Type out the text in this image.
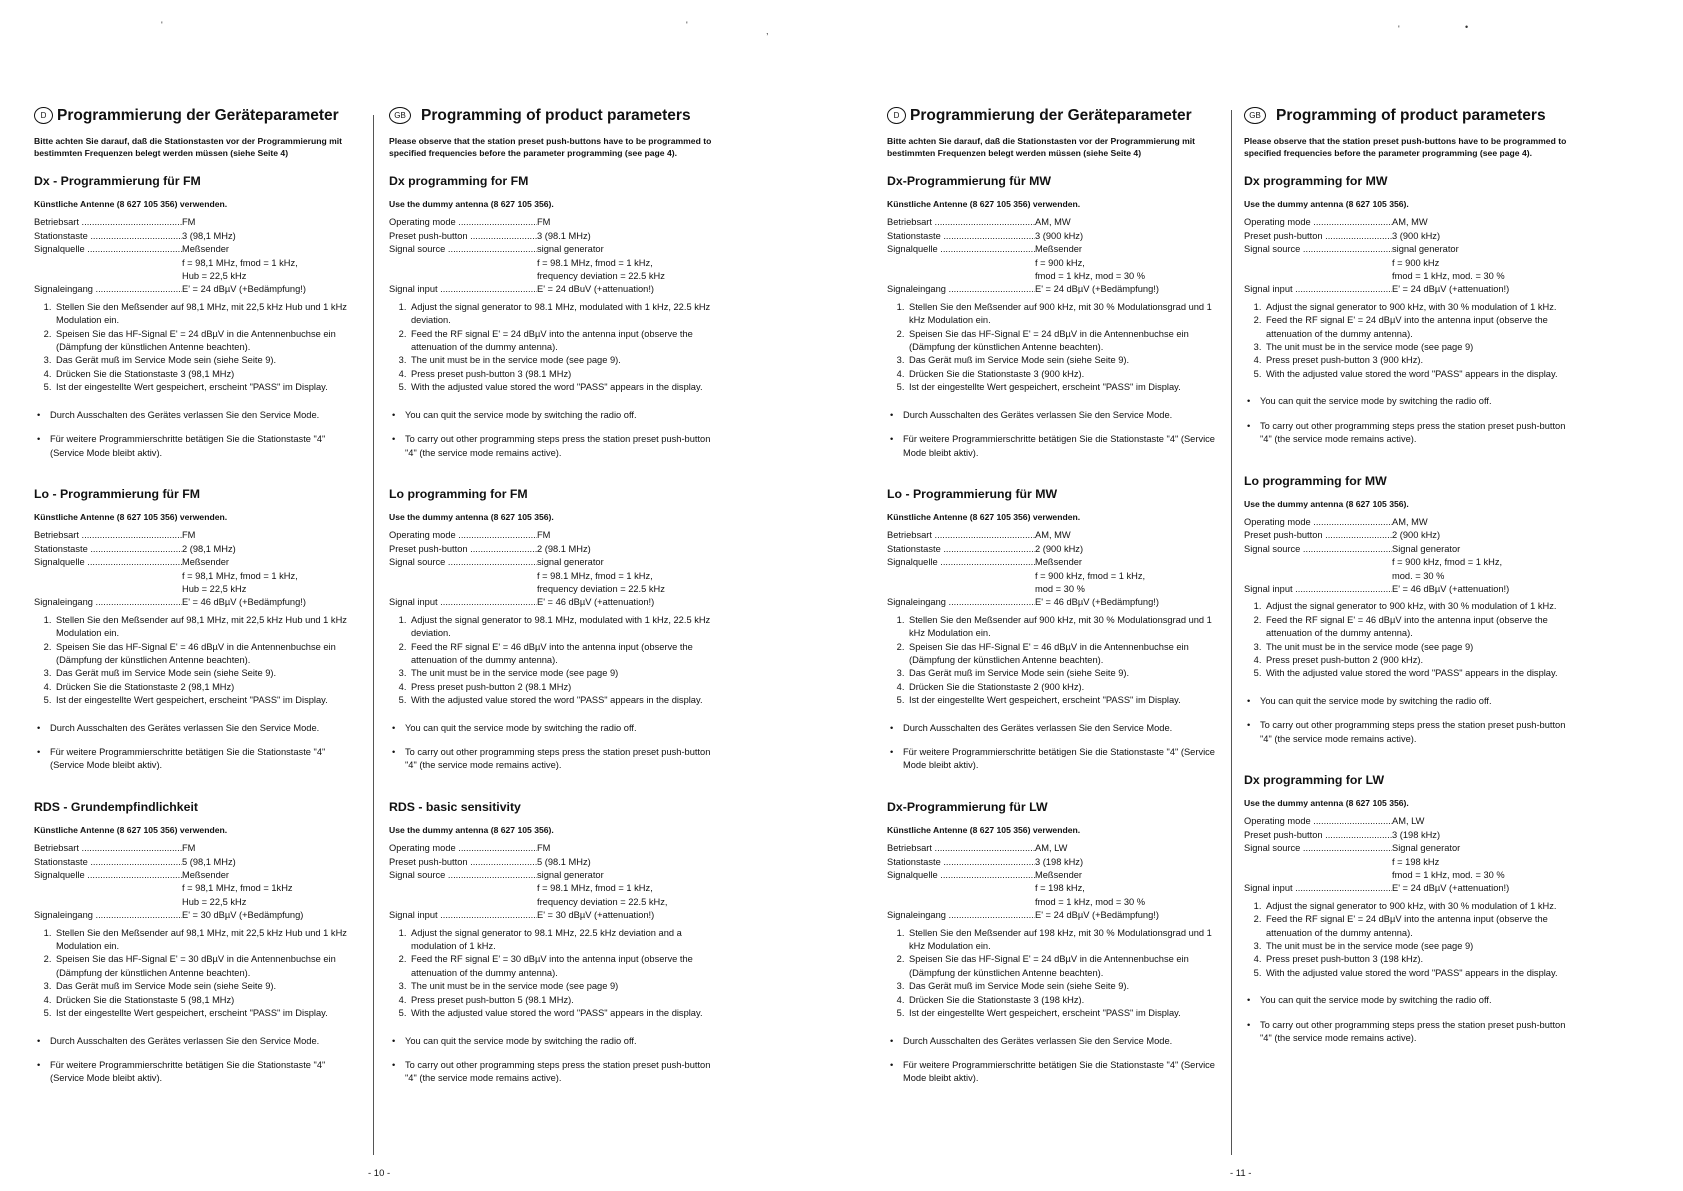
'	'
,	'	•
D Programmierung der Geräteparameter
Bitte achten Sie darauf, daß die Stationstasten vor der Programmierung mit bestimmten Frequenzen belegt werden müssen (siehe Seite 4)
Dx - Programmierung für FM
Künstliche Antenne (8 627 105 356) verwenden.
Betriebsart .....	FM
Stationstaste .....	3 (98,1 MHz)
Signalquelle .....	Meßsender
f = 98,1 MHz, fmod = 1 kHz,
Hub = 22,5 kHz
Signaleingang .....	E' = 24 dBµV (+Bedämpfung!)
1. Stellen Sie den Meßsender auf 98,1 MHz, mit 22,5 kHz Hub und 1 kHz Modulation ein.
2. Speisen Sie das HF-Signal E' = 24 dBµV in die Antennenbuchse ein (Dämpfung der künstlichen Antenne beachten).
3. Das Gerät muß im Service Mode sein (siehe Seite 9).
4. Drücken Sie die Stationstaste 3 (98,1 MHz)
5. Ist der eingestellte Wert gespeichert, erscheint "PASS" im Display.
• Durch Ausschalten des Gerätes verlassen Sie den Service Mode.
• Für weitere Programmierschritte betätigen Sie die Stationstaste "4" (Service Mode bleibt aktiv).
Lo - Programmierung für FM
Künstliche Antenne (8 627 105 356) verwenden.
Betriebsart .....	FM
Stationstaste .....	2 (98,1 MHz)
Signalquelle .....	Meßsender
f = 98,1 MHz, fmod = 1 kHz,
Hub = 22,5 kHz
Signaleingang .....	E' = 46 dBµV (+Bedämpfung!)
1. Stellen Sie den Meßsender auf 98,1 MHz, mit 22,5 kHz Hub und 1 kHz Modulation ein.
2. Speisen Sie das HF-Signal E' = 46 dBµV in die Antennenbuchse ein (Dämpfung der künstlichen Antenne beachten).
3. Das Gerät muß im Service Mode sein (siehe Seite 9).
4. Drücken Sie die Stationstaste 2 (98,1 MHz)
5. Ist der eingestellte Wert gespeichert, erscheint "PASS" im Display.
• Durch Ausschalten des Gerätes verlassen Sie den Service Mode.
• Für weitere Programmierschritte betätigen Sie die Stationstaste "4" (Service Mode bleibt aktiv).
RDS - Grundempfindlichkeit
Künstliche Antenne (8 627 105 356) verwenden.
Betriebsart .....	FM
Stationstaste .....	5 (98,1 MHz)
Signalquelle .....	Meßsender
f = 98,1 MHz, fmod = 1kHz
Hub = 22,5 kHz
Signaleingang .....	E' = 30 dBµV (+Bedämpfung)
1. Stellen Sie den Meßsender auf 98,1 MHz, mit 22,5 kHz Hub und 1 kHz Modulation ein.
2. Speisen Sie das HF-Signal E' = 30 dBµV in die Antennenbuchse ein (Dämpfung der künstlichen Antenne beachten).
3. Das Gerät muß im Service Mode sein (siehe Seite 9).
4. Drücken Sie die Stationstaste 5 (98,1 MHz)
5. Ist der eingestellte Wert gespeichert, erscheint "PASS" im Display.
• Durch Ausschalten des Gerätes verlassen Sie den Service Mode.
• Für weitere Programmierschritte betätigen Sie die Stationstaste "4" (Service Mode bleibt aktiv).
GB Programming of product parameters
Please observe that the station preset push-buttons have to be programmed to specified frequencies before the parameter programming (see page 4).
Dx programming for FM
Use the dummy antenna (8 627 105 356).
Operating mode .....	FM
Preset push-button .....	3 (98.1 MHz)
Signal source .....	signal generator
f = 98.1 MHz, fmod = 1 kHz,
frequency deviation = 22.5 kHz
Signal input .....	E' = 24 dBuV (+attenuation!)
1. Adjust the signal generator to 98.1 MHz, modulated with 1 kHz, 22.5 kHz deviation.
2. Feed the RF signal E' = 24 dBµV into the antenna input (observe the attenuation of the dummy antenna).
3. The unit must be in the service mode (see page 9).
4. Press preset push-button 3 (98.1 MHz)
5. With the adjusted value stored the word "PASS" appears in the display.
• You can quit the service mode by switching the radio off.
• To carry out other programming steps press the station preset push-button "4" (the service mode remains active).
Lo programming for FM
Use the dummy antenna (8 627 105 356).
Operating mode .....	FM
Preset push-button .....	2 (98.1 MHz)
Signal source .....	signal generator
f = 98.1 MHz, fmod = 1 kHz,
frequency deviation = 22.5 kHz
Signal input .....	E' = 46 dBµV (+attenuation!)
1. Adjust the signal generator to 98.1 MHz, modulated with 1 kHz, 22.5 kHz deviation.
2. Feed the RF signal E' = 46 dBµV into the antenna input (observe the attenuation of the dummy antenna).
3. The unit must be in the service mode (see page 9)
4. Press preset push-button 2 (98.1 MHz)
5. With the adjusted value stored the word "PASS" appears in the display.
• You can quit the service mode by switching the radio off.
• To carry out other programming steps press the station preset push-button "4" (the service mode remains active).
RDS - basic sensitivity
Use the dummy antenna (8 627 105 356).
Operating mode .....	FM
Preset push-button .....	5 (98.1 MHz)
Signal source .....	signal generator
f = 98.1 MHz, fmod = 1 kHz,
frequency deviation = 22.5 kHz,
Signal input .....	E' = 30 dBµV (+attenuation!)
1. Adjust the signal generator to 98.1 MHz, 22.5 kHz deviation and a modulation of 1 kHz.
2. Feed the RF signal E' = 30 dBµV into the antenna input (observe the attenuation of the dummy antenna).
3. The unit must be in the service mode (see page 9)
4. Press preset push-button 5 (98.1 MHz).
5. With the adjusted value stored the word "PASS" appears in the display.
• You can quit the service mode by switching the radio off.
• To carry out other programming steps press the station preset push-button "4" (the service mode remains active).
D Programmierung der Geräteparameter
Bitte achten Sie darauf, daß die Stationstasten vor der Programmierung mit bestimmten Frequenzen belegt werden müssen (siehe Seite 4)
Dx-Programmierung für MW
Künstliche Antenne (8 627 105 356) verwenden.
Betriebsart .....	AM, MW
Stationstaste .....	3 (900 kHz)
Signalquelle .....	Meßsender
f = 900 kHz,
fmod = 1 kHz, mod = 30 %
Signaleingang .....	E' = 24 dBµV (+Bedämpfung!)
1. Stellen Sie den Meßsender auf 900 kHz, mit 30 % Modulationsgrad und 1 kHz Modulation ein.
2. Speisen Sie das HF-Signal E' = 24 dBµV in die Antennenbuchse ein (Dämpfung der künstlichen Antenne beachten).
3. Das Gerät muß im Service Mode sein (siehe Seite 9).
4. Drücken Sie die Stationstaste 3 (900 kHz).
5. Ist der eingestellte Wert gespeichert, erscheint "PASS" im Display.
• Durch Ausschalten des Gerätes verlassen Sie den Service Mode.
• Für weitere Programmierschritte betätigen Sie die Stationstaste "4" (Service Mode bleibt aktiv).
Lo - Programmierung für MW
Künstliche Antenne (8 627 105 356) verwenden.
Betriebsart .....	AM, MW
Stationstaste .....	2 (900 kHz)
Signalquelle .....	Meßsender
f = 900 kHz, fmod = 1 kHz,
mod = 30 %
Signaleingang .....	E' = 46 dBµV (+Bedämpfung!)
1. Stellen Sie den Meßsender auf 900 kHz, mit 30 % Modulationsgrad und 1 kHz Modulation ein.
2. Speisen Sie das HF-Signal E' = 46 dBµV in die Antennenbuchse ein (Dämpfung der künstlichen Antenne beachten).
3. Das Gerät muß im Service Mode sein (siehe Seite 9).
4. Drücken Sie die Stationstaste 2 (900 kHz).
5. Ist der eingestellte Wert gespeichert, erscheint "PASS" im Display.
• Durch Ausschalten des Gerätes verlassen Sie den Service Mode.
• Für weitere Programmierschritte betätigen Sie die Stationstaste "4" (Service Mode bleibt aktiv).
Dx-Programmierung für LW
Künstliche Antenne (8 627 105 356) verwenden.
Betriebsart .....	AM, LW
Stationstaste .....	3 (198 kHz)
Signalquelle .....	Meßsender
f = 198 kHz,
fmod = 1 kHz, mod = 30 %
Signaleingang .....	E' = 24 dBµV (+Bedämpfung!)
1. Stellen Sie den Meßsender auf 198 kHz, mit 30 % Modulationsgrad und 1 kHz Modulation ein.
2. Speisen Sie das HF-Signal E' = 24 dBµV in die Antennenbuchse ein (Dämpfung der künstlichen Antenne beachten).
3. Das Gerät muß im Service Mode sein (siehe Seite 9).
4. Drücken Sie die Stationstaste 3 (198 kHz).
5. Ist der eingestellte Wert gespeichert, erscheint "PASS" im Display.
• Durch Ausschalten des Gerätes verlassen Sie den Service Mode.
• Für weitere Programmierschritte betätigen Sie die Stationstaste "4" (Service Mode bleibt aktiv).
GB Programming of product parameters
Please observe that the station preset push-buttons have to be programmed to specified frequencies before the parameter programming (see page 4).
Dx programming for MW
Use the dummy antenna (8 627 105 356).
Operating mode .....	AM, MW
Preset push-button .....	3 (900 kHz)
Signal source .....	signal generator
f = 900 kHz
fmod = 1 kHz, mod. = 30 %
Signal input .....	E' = 24 dBµV (+attenuation!)
1. Adjust the signal generator to 900 kHz, with 30 % modulation of 1 kHz.
2. Feed the RF signal E' = 24 dBµV into the antenna input (observe the attenuation of the dummy antenna).
3. The unit must be in the service mode (see page 9)
4. Press preset push-button 3 (900 kHz).
5. With the adjusted value stored the word "PASS" appears in the display.
• You can quit the service mode by switching the radio off.
• To carry out other programming steps press the station preset push-button "4" (the service mode remains active).
Lo programming for MW
Use the dummy antenna (8 627 105 356).
Operating mode .....	AM, MW
Preset push-button .....	2 (900 kHz)
Signal source .....	Signal generator
f = 900 kHz, fmod = 1 kHz,
mod. = 30 %
Signal input .....	E' = 46 dBµV (+attenuation!)
1. Adjust the signal generator to 900 kHz, with 30 % modulation of 1 kHz.
2. Feed the RF signal E' = 46 dBµV into the antenna input (observe the attenuation of the dummy antenna).
3. The unit must be in the service mode (see page 9)
4. Press preset push-button 2 (900 kHz).
5. With the adjusted value stored the word "PASS" appears in the display.
• You can quit the service mode by switching the radio off.
• To carry out other programming steps press the station preset push-button "4" (the service mode remains active).
Dx programming for LW
Use the dummy antenna (8 627 105 356).
Operating mode .....	AM, LW
Preset push-button .....	3 (198 kHz)
Signal source .....	Signal generator
f = 198 kHz
fmod = 1 kHz, mod. = 30 %
Signal input .....	E' = 24 dBµV (+attenuation!)
1. Adjust the signal generator to 900 kHz, with 30 % modulation of 1 kHz.
2. Feed the RF signal E' = 24 dBµV into the antenna input (observe the attenuation of the dummy antenna).
3. The unit must be in the service mode (see page 9)
4. Press preset push-button 3 (198 kHz).
5. With the adjusted value stored the word "PASS" appears in the display.
• You can quit the service mode by switching the radio off.
• To carry out other programming steps press the station preset push-button "4" (the service mode remains active).
- 10 -	- 11 -
